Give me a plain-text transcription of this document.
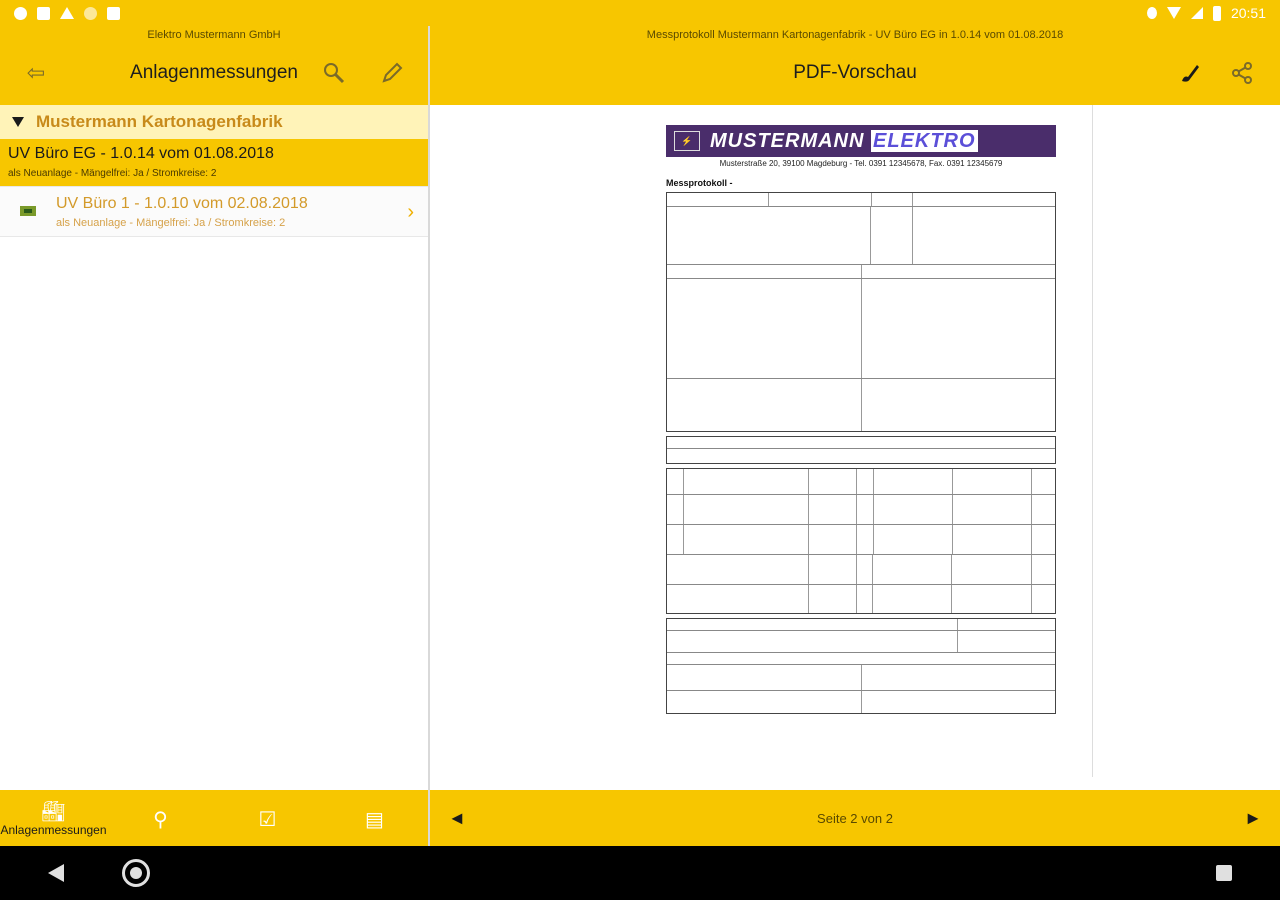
20:51
Elektro Mustermann GmbH
⇦	Anlagenmessungen
Mustermann Kartonagenfabrik
UV Büro EG - 1.0.14 vom 01.08.2018
als Neuanlage - Mängelfrei: Ja / Stromkreise: 2
UV Büro 1 - 1.0.10 vom 02.08.2018
als Neuanlage - Mängelfrei: Ja / Stromkreise: 2	›
🏭︎
Anlagenmessungen ⚲	☑	▤
Messprotokoll Mustermann Kartonagenfabrik - UV Büro EG in 1.0.14 vom 01.08.2018
PDF-Vorschau
⚡ MUSTERMANN ELEKTRO
Musterstraße 20, 39100 Magdeburg - Tel. 0391 12345678, Fax. 0391 12345679
Messprotokoll -
◄	Seite 2 von 2	►
